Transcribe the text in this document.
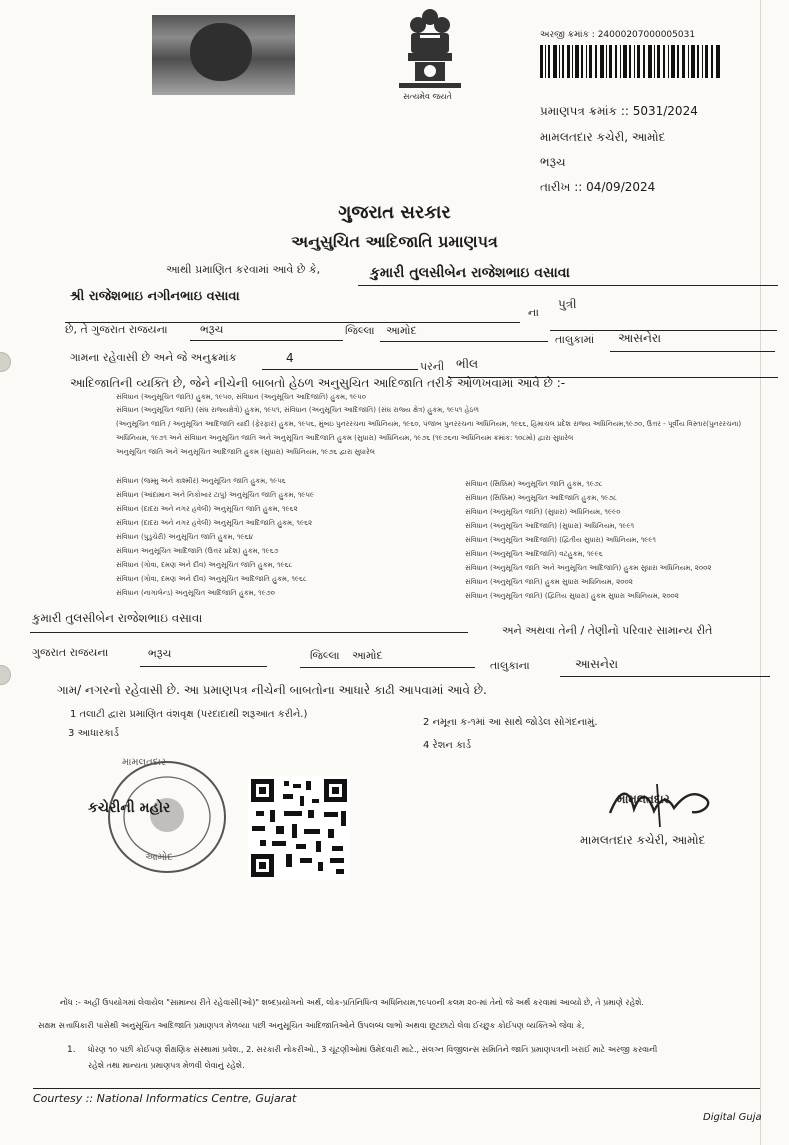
સત્યમેવ જયતે
અરજી ક્રમાંક : 24000207000005031
પ્રમાણપત્ર ક્રમાંક :: 5031/2024
મામલતદાર કચેરી, આમોદ
ભરૂચ
તારીખ :: 04/09/2024
ગુજરાત સરકાર
અનુસુચિત આદિજાતિ પ્રમાણપત્ર
આથી પ્રમાણિત કરવામાં આવે છે કે,	કુમારી તુલસીબેન રાજેશભાઇ વસાવા
શ્રી રાજેશભાઇ નગીનભાઇ વસાવા
ના
પુત્રી
છે, તે ગુજરાત રાજયના	ભરૂચ	જિલ્લા આમોદ
તાલુકામાં આસનેરા
ગામના રહેવાસી છે અને જે અનુક્રમાંક	4
પરની ભીલ
આદિજાતિની વ્યક્તિ છે, જેને નીચેની બાબતો હેઠળ અનુસુચિત આદિજાતિ તરીકે ઓળખવામાં આવે છે :-
સંવિધાન (અનુસૂચિત જાતિ) હુકમ, ૧૯૫૦, સંવિધાન (અનુસૂચિત આદિજાતિ) હુકમ, ૧૯૫૦
સંવિધાન (અનુસૂચિત જાતિ) (સંઘ રાજ્યક્ષેત્રો) હુકમ, ૧૯૫૧, સંવિધાન (અનુસૂચિત આદિજાતિ) (સંઘ રાજ્ય ક્ષેત્ર) હુકમ, ૧૯૫૧ હેઠળ
(અનુસૂચિત જાતિ / અનુસૂચિત આદિજાતિ યાદી (ફેરફાર) હુકમ, ૧૯૫૬, મુંબઇ પુનરરચના અધિનિયમ, ૧૯૬૦, પંજાબ પુનરરચના અધિનિયમ, ૧૯૬૬, હિમાચલ પ્રદેશ રાજ્ય અધિનિયમ,૧૯૭૦, ઉત્તર - પૂર્વીય વિસ્તાર(પુનરરચના)
અધિનિયમ, ૧૯૭૧ અને સંવિધાન અનુસૂચિત જાતિ અને અનુસૂચિત આદિજાતિ હુકમ (સુધારા) અધિનિયમ, ૧૯૭૬ (૧૯૭૬ના અધિનિયમ ક્રમાંક: ૧૦૮મો) દ્વારા સુધારેલ
અનુસૂચિત જાતિ અને અનુસૂચિત આદિજાતિ હુકમ (સુધારા) અધિનિયમ, ૧૯૭૬ દ્વારા સુધારેલ
સંવિધાન (જમ્મુ અને કાશ્મીર) અનુસૂચિત જાતિ હુકમ, ૧૯૫૬
સંવિધાન (આંદામાન અને નિકોબાર ટાપુ) અનુસૂચિત જાતિ હુકમ, ૧૯૫૯
સંવિધાન (દાદરા અને નગર હવેલી) અનુસૂચિત જાતિ હુકમ, ૧૯૬૨
સંવિધાન (દાદરા અને નગર હવેલી) અનુસૂચિત આદિજાતિ હુકમ, ૧૯૬૨
સંવિધાન (પુડુચેરી) અનુસૂચિત જાતિ હુકમ, ૧૯૬૪
સંવિધાન અનુસૂચિત આદિજાતિ (ઉત્તર પ્રદેશ) હુકમ, ૧૯૬૭
સંવિધાન (ગોવા, દમણ અને દીવ) અનુસૂચિત જાતિ હુકમ, ૧૯૬૮
સંવિધાન (ગોવા, દમણ અને દીવ) અનુસૂચિત આદિજાતિ હુકમ, ૧૯૬૮
સંવિધાન (નાગાલેન્ડ) અનુસૂચિત આદિજાતિ હુકમ, ૧૯૭૦
સંવિધાન (સિક્કિમ) અનુસૂચિત જાતિ હુકમ, ૧૯૭૮
સંવિધાન (સિક્કિમ) અનુસૂચિત આદિજાતિ હુકમ, ૧૯૭૮
સંવિધાન (અનુસૂચિત જાતિ) (સુધારા) અધિનિયમ, ૧૯૯૦
સંવિધાન (અનુસૂચિત આદિજાતિ) (સુધારા) અધિનિયમ, ૧૯૯૧
સંવિધાન (અનુસૂચિત આદિજાતિ) (દ્વિતીય સુધારા) અધિનિયમ, ૧૯૯૧
સંવિધાન (અનુસૂચિત આદિજાતિ) વટહુકમ, ૧૯૯૬
સંવિધાન (અનુસૂચિત જાતિ અને અનુસૂચિત આદિજાતિ) હુકમ સુધારા અધિનિયમ, ૨૦૦૨
સંવિધાન (અનુસૂચિત જાતિ) હુકમ સુધારા અધિનિયમ, ૨૦૦૨
સંવિધાન (અનુસૂચિત જાતિ) (દ્વિતિય સુધારા) હુકમ સુધારા અધિનિયમ, ૨૦૦૨
કુમારી તુલસીબેન રાજેશભાઇ વસાવા
અને અથવા તેની / તેણીનો પરિવાર સામાન્ય રીતે
ગુજરાત રાજયના	ભરૂચ	જિલ્લા આમોદ
તાલુકાના	આસનેરા
ગામ/ નગરનો રહેવાસી છે. આ પ્રમાણપત્ર નીચેની બાબતોના આધારે કાઢી આપવામાં આવે છે.
1 તલાટી દ્વારા પ્રમાણિત વંશવૃક્ષ (પરદાદાથી શરૂઆત કરીને.)
2 નમૂના ક-૧માં આ સાથે જોડેલ સોગંદનામું.
3 આધારકાર્ડ
4 રેશન કાર્ડ
મામલતદાર
કચેરીની મહોર
આમોદ
મામલતદાર
મામલતદાર કચેરી, આમોદ
નોંધ :- અહીં ઉપયોગમાં લેવાયેલ "સામાન્ય રીતે રહેવાસી(ઓ)" શબ્દપ્રયોગનો અર્થ, લોક-પ્રતિનિધિત્વ અધિનિયમ,૧૯૫૦ની કલમ ૨૦-માં તેનો જે અર્થ કરવામાં આવ્યો છે, તે પ્રમાણે રહેશે.
સક્ષમ સત્તાધિકારી પાસેથી અનુસૂચિત આદિજાતિ પ્રમાણપત્ર મેળવ્યા પછી અનુસૂચિત આદિજાતિઓને ઉપલબ્ધ લાભો અથવા છૂટછાટો લેવા ઈચ્છુક કોઈપણ વ્યક્તિએ જેવા કે,
1. ધોરણ ૧૦ પછી કોઈપણ શૈક્ષણિક સંસ્થામાં પ્રવેશ., 2. સરકારી નોકરીઓ., 3 ચૂંટણીઓમાં ઉમેદવારી માટે., સંલગ્ન વિજીલન્સ સમિતિને જાતિ પ્રમાણપત્રની ખરાઈ માટે અરજી કરવાની
રહેશે તથા માન્યતા પ્રમાણપત્ર મેળવી લેવાનું રહેશે.
Courtesy :: National Informatics Centre, Gujarat
Digital Guja
